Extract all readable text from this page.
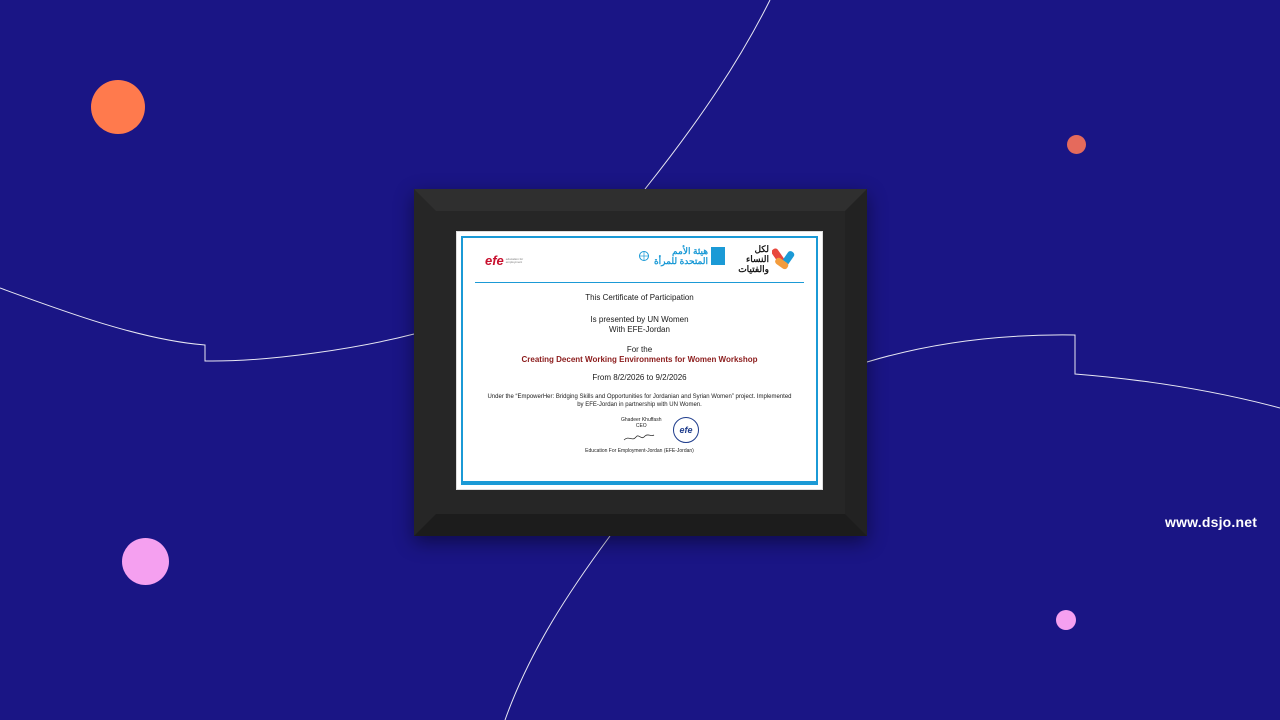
www.dsjo.net
efe education for employment
هيئة الأمم المتحدة للمرأة
لكل النساء والفتيات

This Certificate of Participation

Is presented by UN Women

With EFE-Jordan

For the

Creating Decent Working Environments for Women Workshop

From 8/2/2026 to 9/2/2026

Under the “EmpowerHer: Bridging Skills and Opportunities for Jordanian and Syrian Women” project. Implemented by EFE-Jordan in partnership with UN Women.

Ghadeer Khuffash
CEO	efe
Education For Employment-Jordan (EFE-Jordan)
